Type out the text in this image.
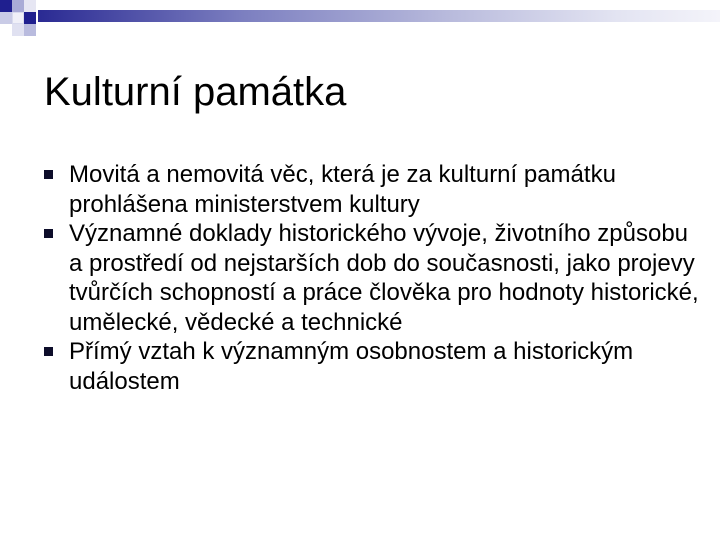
Kulturní památka
Movitá a nemovitá věc, která je za kulturní památku prohlášena ministerstvem kultury
Významné doklady historického vývoje, životního způsobu a prostředí od nejstarších dob do současnosti, jako projevy tvůrčích schopností a práce člověka pro hodnoty historické, umělecké, vědecké a technické
Přímý vztah k významným osobnostem a historickým událostem
